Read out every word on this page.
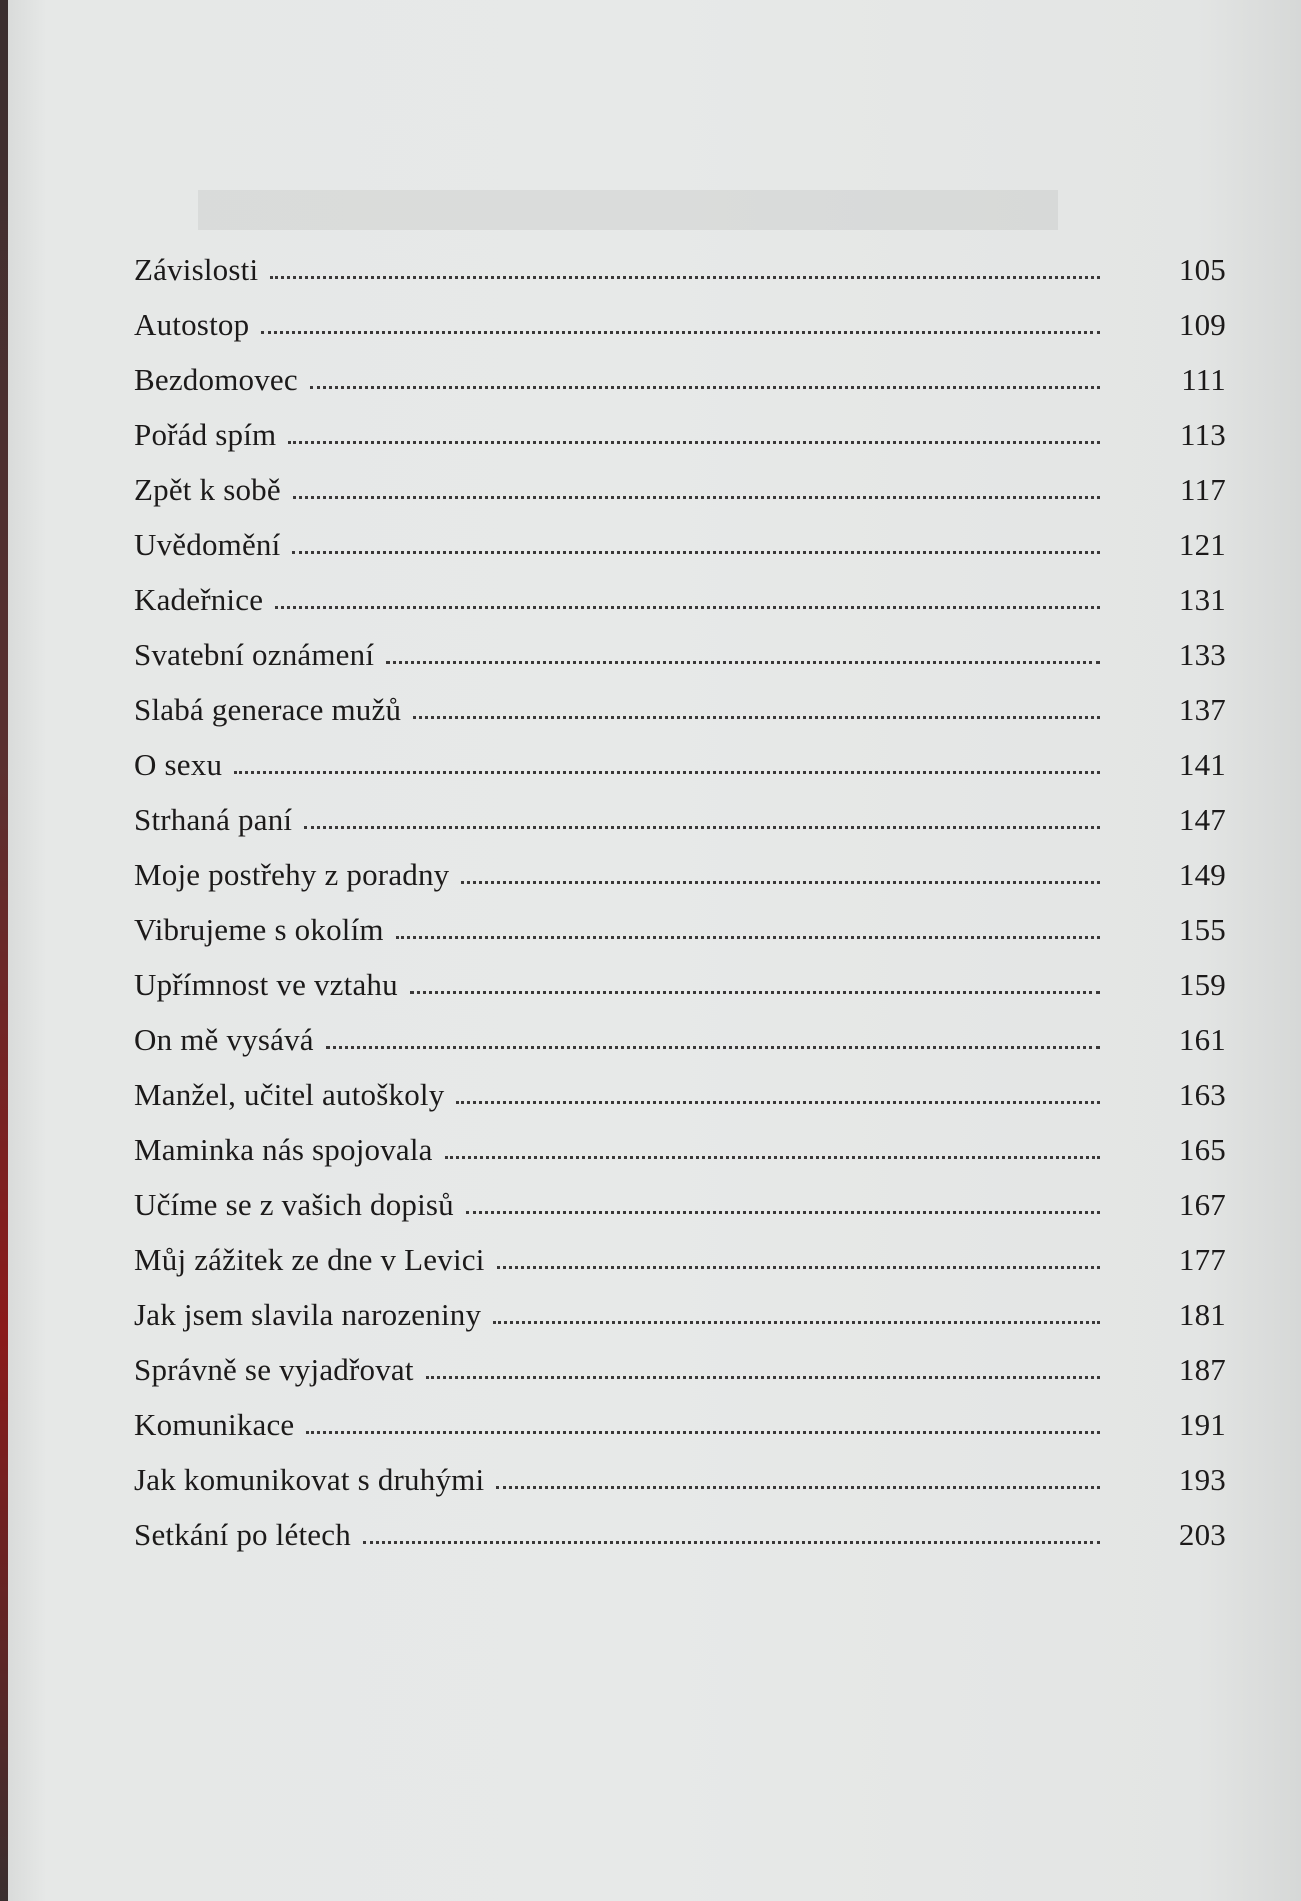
Závislosti	105
Autostop	109
Bezdomovec	111
Pořád spím	113
Zpět k sobě	117
Uvědomění	121
Kadeřnice	131
Svatební oznámení	133
Slabá generace mužů	137
O sexu	141
Strhaná paní	147
Moje postřehy z poradny	149
Vibrujeme s okolím	155
Upřímnost ve vztahu	159
On mě vysává	161
Manžel, učitel autoškoly	163
Maminka nás spojovala	165
Učíme se z vašich dopisů	167
Můj zážitek ze dne v Levici	177
Jak jsem slavila narozeniny	181
Správně se vyjadřovat	187
Komunikace	191
Jak komunikovat s druhými	193
Setkání po létech	203
